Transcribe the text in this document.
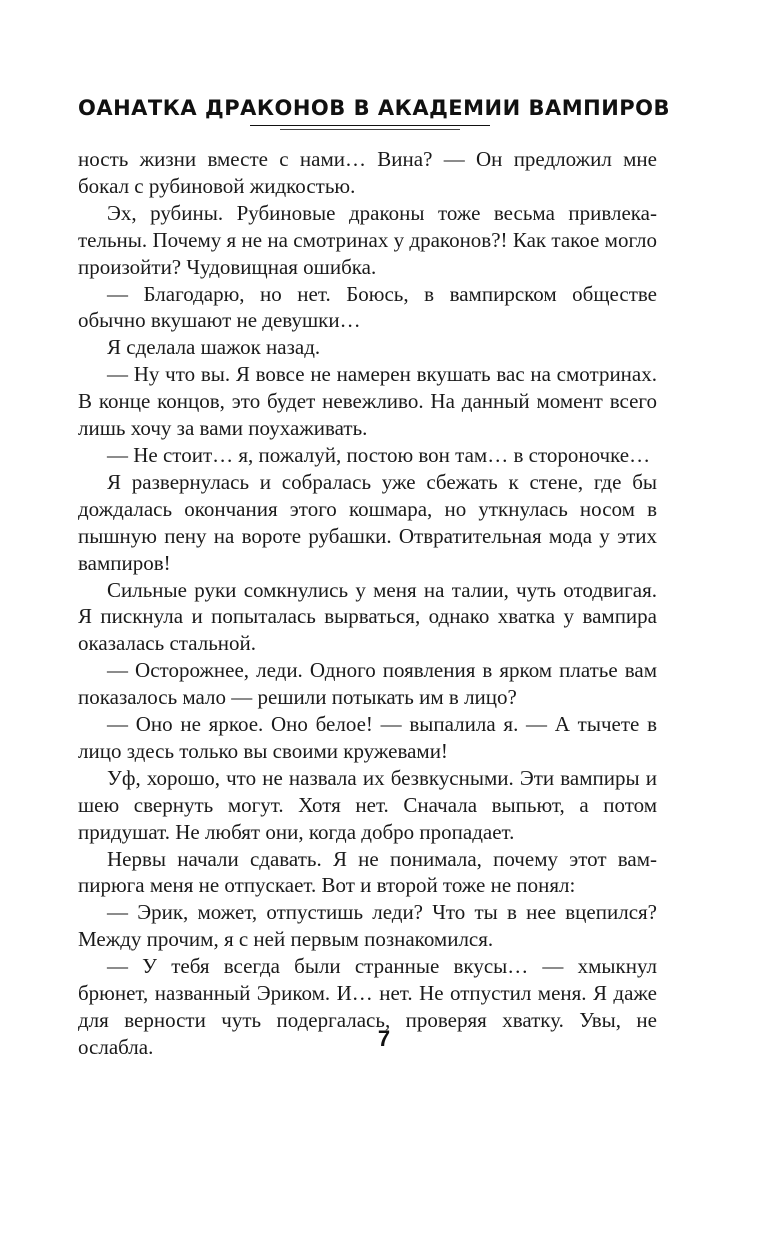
ОАНАТКА ДРАКОНОВ В АКАДЕМИИ ВАМПИРОВ

ность жизни вместе с нами… Вина? — Он предложил мне бокал с рубиновой жидкостью.

Эх, рубины. Рубиновые драконы тоже весьма привлекательны. Почему я не на смотринах у драконов?! Как такое могло произойти? Чудовищная ошибка.

— Благодарю, но нет. Боюсь, в вампирском обществе обычно вкушают не девушки…

Я сделала шажок назад.

— Ну что вы. Я вовсе не намерен вкушать вас на смотринах. В конце концов, это будет невежливо. На данный момент всего лишь хочу за вами поухаживать.

— Не стоит… я, пожалуй, постою вон там… в стороночке…

Я развернулась и собралась уже сбежать к стене, где бы дождалась окончания этого кошмара, но уткнулась носом в пышную пену на вороте рубашки. Отвратительная мода у этих вампиров!

Сильные руки сомкнулись у меня на талии, чуть отодвигая. Я пискнула и попыталась вырваться, однако хватка у вампира оказалась стальной.

— Осторожнее, леди. Одного появления в ярком платье вам показалось мало — решили потыкать им в лицо?

— Оно не яркое. Оно белое! — выпалила я. — А тычете в лицо здесь только вы своими кружевами!

Уф, хорошо, что не назвала их безвкусными. Эти вампиры и шею свернуть могут. Хотя нет. Сначала выпьют, а потом придушат. Не любят они, когда добро пропадает.

Нервы начали сдавать. Я не понимала, почему этот вампирюга меня не отпускает. Вот и второй тоже не понял:

— Эрик, может, отпустишь леди? Что ты в нее вцепился? Между прочим, я с ней первым познакомился.

— У тебя всегда были странные вкусы… — хмыкнул брюнет, названный Эриком. И… нет. Не отпустил меня. Я даже для верности чуть подергалась, проверяя хватку. Увы, не ослабла.	7
